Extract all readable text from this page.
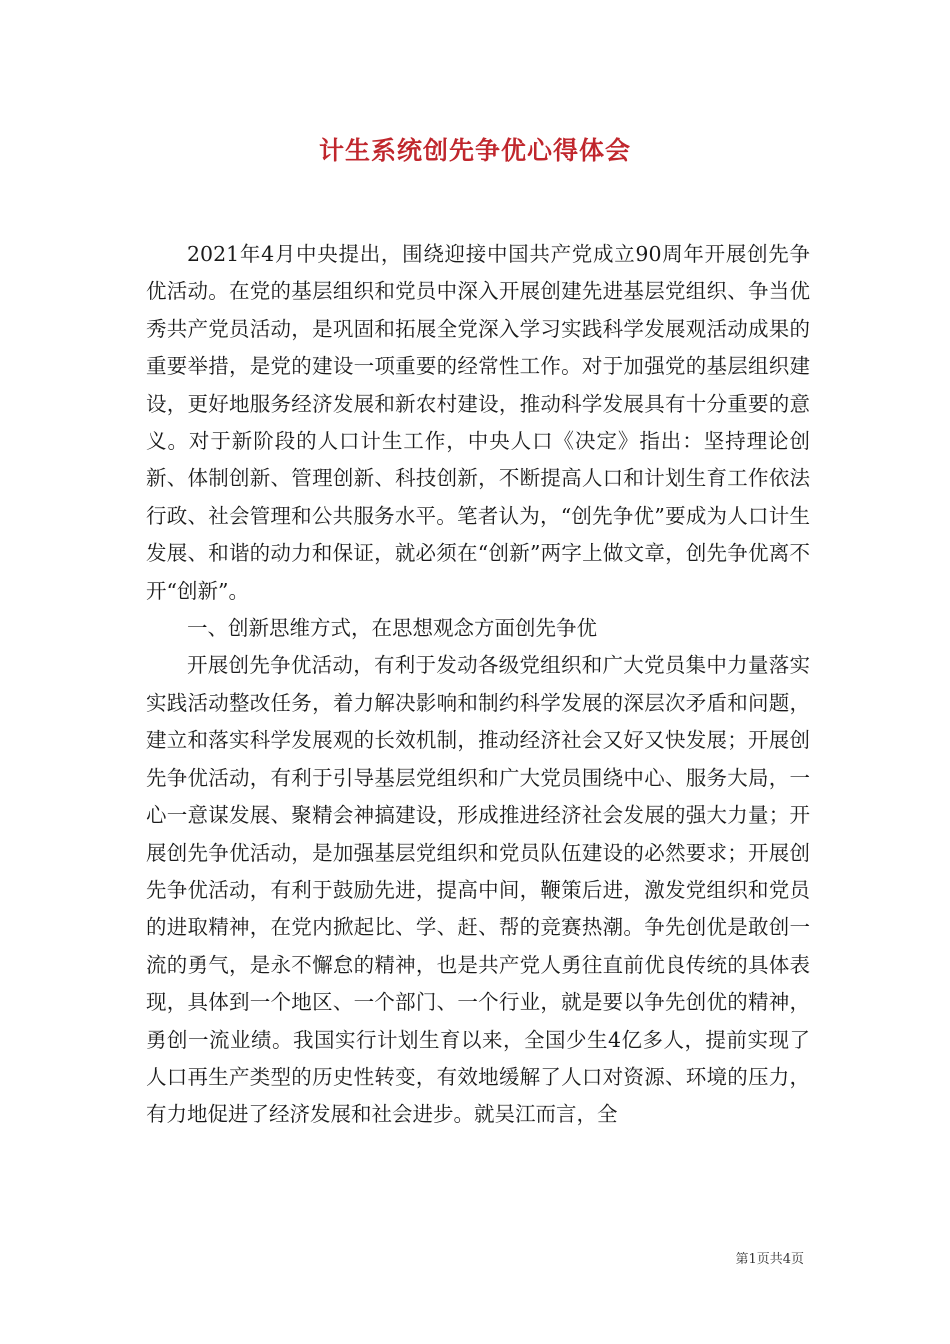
计生系统创先争优心得体会

2021年4月中央提出，围绕迎接中国共产党成立90周年开展创先争优活动。在党的基层组织和党员中深入开展创建先进基层党组织、争当优秀共产党员活动，是巩固和拓展全党深入学习实践科学发展观活动成果的重要举措，是党的建设一项重要的经常性工作。对于加强党的基层组织建设，更好地服务经济发展和新农村建设，推动科学发展具有十分重要的意义。对于新阶段的人口计生工作，中央人口《决定》指出：坚持理论创新、体制创新、管理创新、科技创新，不断提高人口和计划生育工作依法行政、社会管理和公共服务水平。笔者认为，“创先争优”要成为人口计生发展、和谐的动力和保证，就必须在“创新”两字上做文章，创先争优离不开“创新”。

一、创新思维方式，在思想观念方面创先争优

开展创先争优活动，有利于发动各级党组织和广大党员集中力量落实实践活动整改任务，着力解决影响和制约科学发展的深层次矛盾和问题，建立和落实科学发展观的长效机制，推动经济社会又好又快发展；开展创先争优活动，有利于引导基层党组织和广大党员围绕中心、服务大局，一心一意谋发展、聚精会神搞建设，形成推进经济社会发展的强大力量；开展创先争优活动，是加强基层党组织和党员队伍建设的必然要求；开展创先争优活动，有利于鼓励先进，提高中间，鞭策后进，激发党组织和党员的进取精神，在党内掀起比、学、赶、帮的竞赛热潮。争先创优是敢创一流的勇气，是永不懈怠的精神，也是共产党人勇往直前优良传统的具体表现，具体到一个地区、一个部门、一个行业，就是要以争先创优的精神，勇创一流业绩。我国实行计划生育以来，全国少生4亿多人，提前实现了人口再生产类型的历史性转变，有效地缓解了人口对资源、环境的压力，有力地促进了经济发展和社会进步。就吴江而言，全

第1页共4页
